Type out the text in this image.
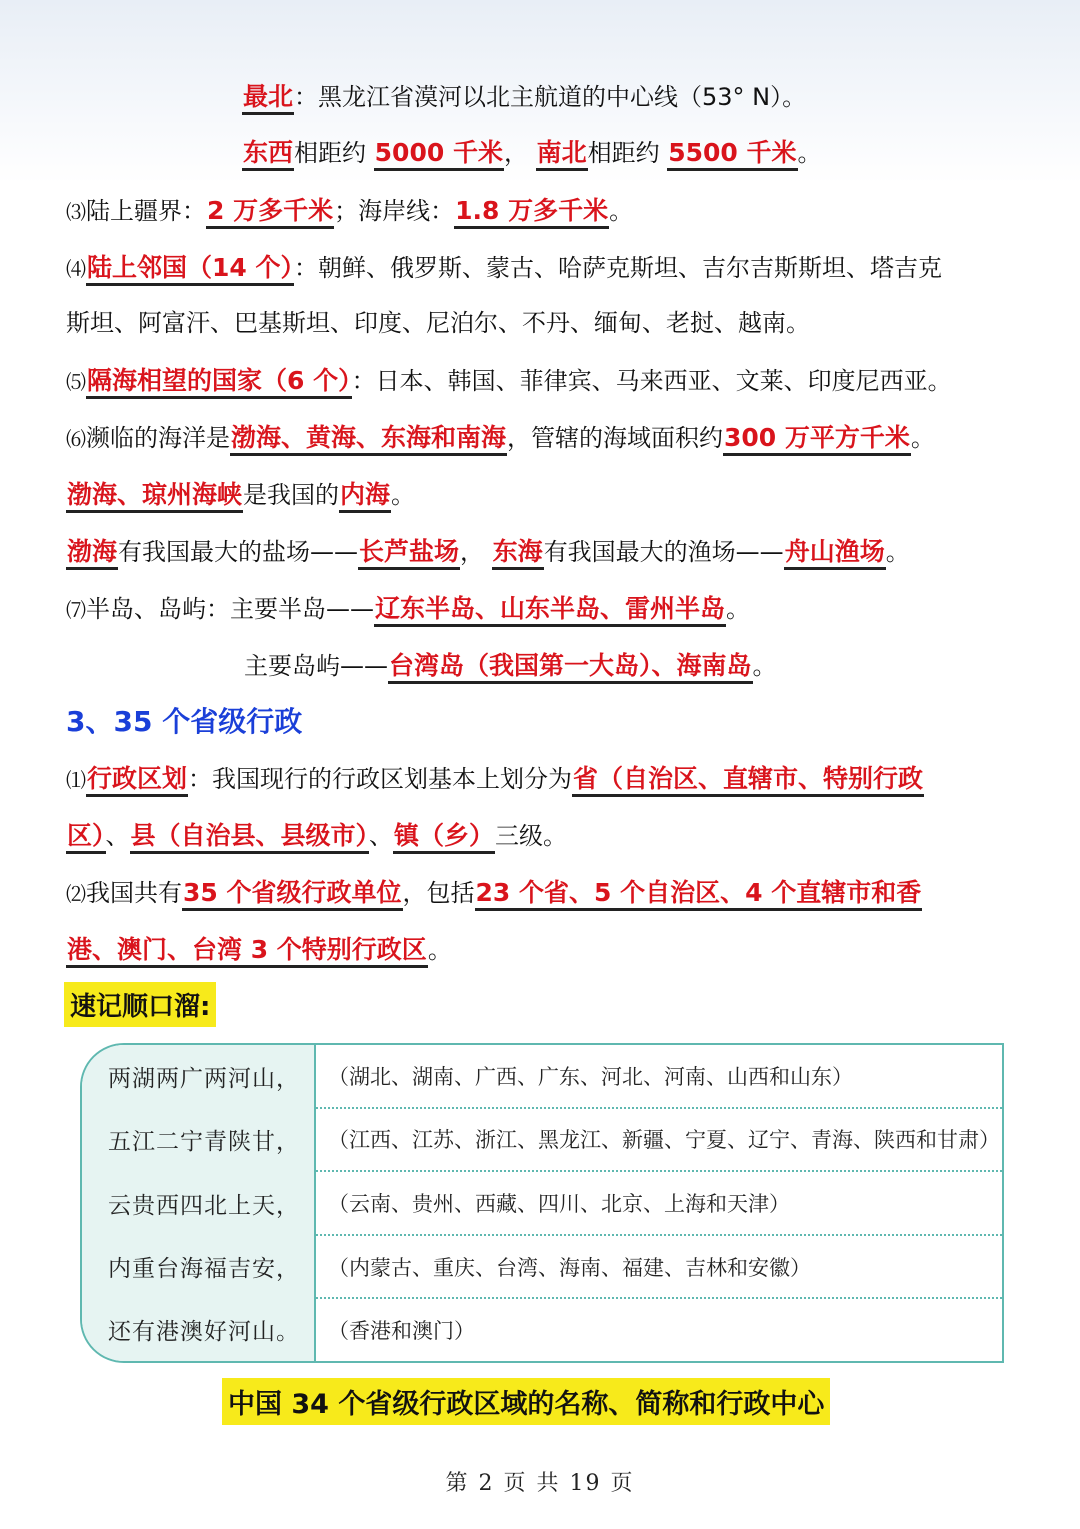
最北：黑龙江省漠河以北主航道的中心线（53° N）。
东西相距约 5000 千米， 南北相距约 5500 千米。
⑶陆上疆界：2 万多千米；海岸线：1.8 万多千米。
⑷陆上邻国（14 个）：朝鲜、俄罗斯、蒙古、哈萨克斯坦、吉尔吉斯斯坦、塔吉克
斯坦、阿富汗、巴基斯坦、印度、尼泊尔、不丹、缅甸、老挝、越南。
⑸隔海相望的国家（6 个）：日本、韩国、菲律宾、马来西亚、文莱、印度尼西亚。
⑹濒临的海洋是渤海、黄海、东海和南海，管辖的海域面积约300 万平方千米。
渤海、琼州海峡是我国的内海。
渤海有我国最大的盐场——长芦盐场， 东海有我国最大的渔场——舟山渔场。
⑺半岛、岛屿：主要半岛——辽东半岛、山东半岛、雷州半岛。
主要岛屿——台湾岛（我国第一大岛）、海南岛。
3、35 个省级行政
⑴行政区划：我国现行的行政区划基本上划分为省（自治区、直辖市、特别行政
区）、县（自治县、县级市）、镇（乡）三级。
⑵我国共有35 个省级行政单位，包括23 个省、5 个自治区、4 个直辖市和香
港、澳门、台湾 3 个特别行政区。
速记顺口溜:
两湖两广两河山，
五江二宁青陕甘，
云贵西四北上天，
内重台海福吉安，
还有港澳好河山。
（湖北、湖南、广西、广东、河北、河南、山西和山东）
（江西、江苏、浙江、黑龙江、新疆、宁夏、辽宁、青海、陕西和甘肃）
（云南、贵州、西藏、四川、北京、上海和天津）
（内蒙古、重庆、台湾、海南、福建、吉林和安徽）
（香港和澳门）
中国 34 个省级行政区域的名称、简称和行政中心
第 2 页 共 19 页
